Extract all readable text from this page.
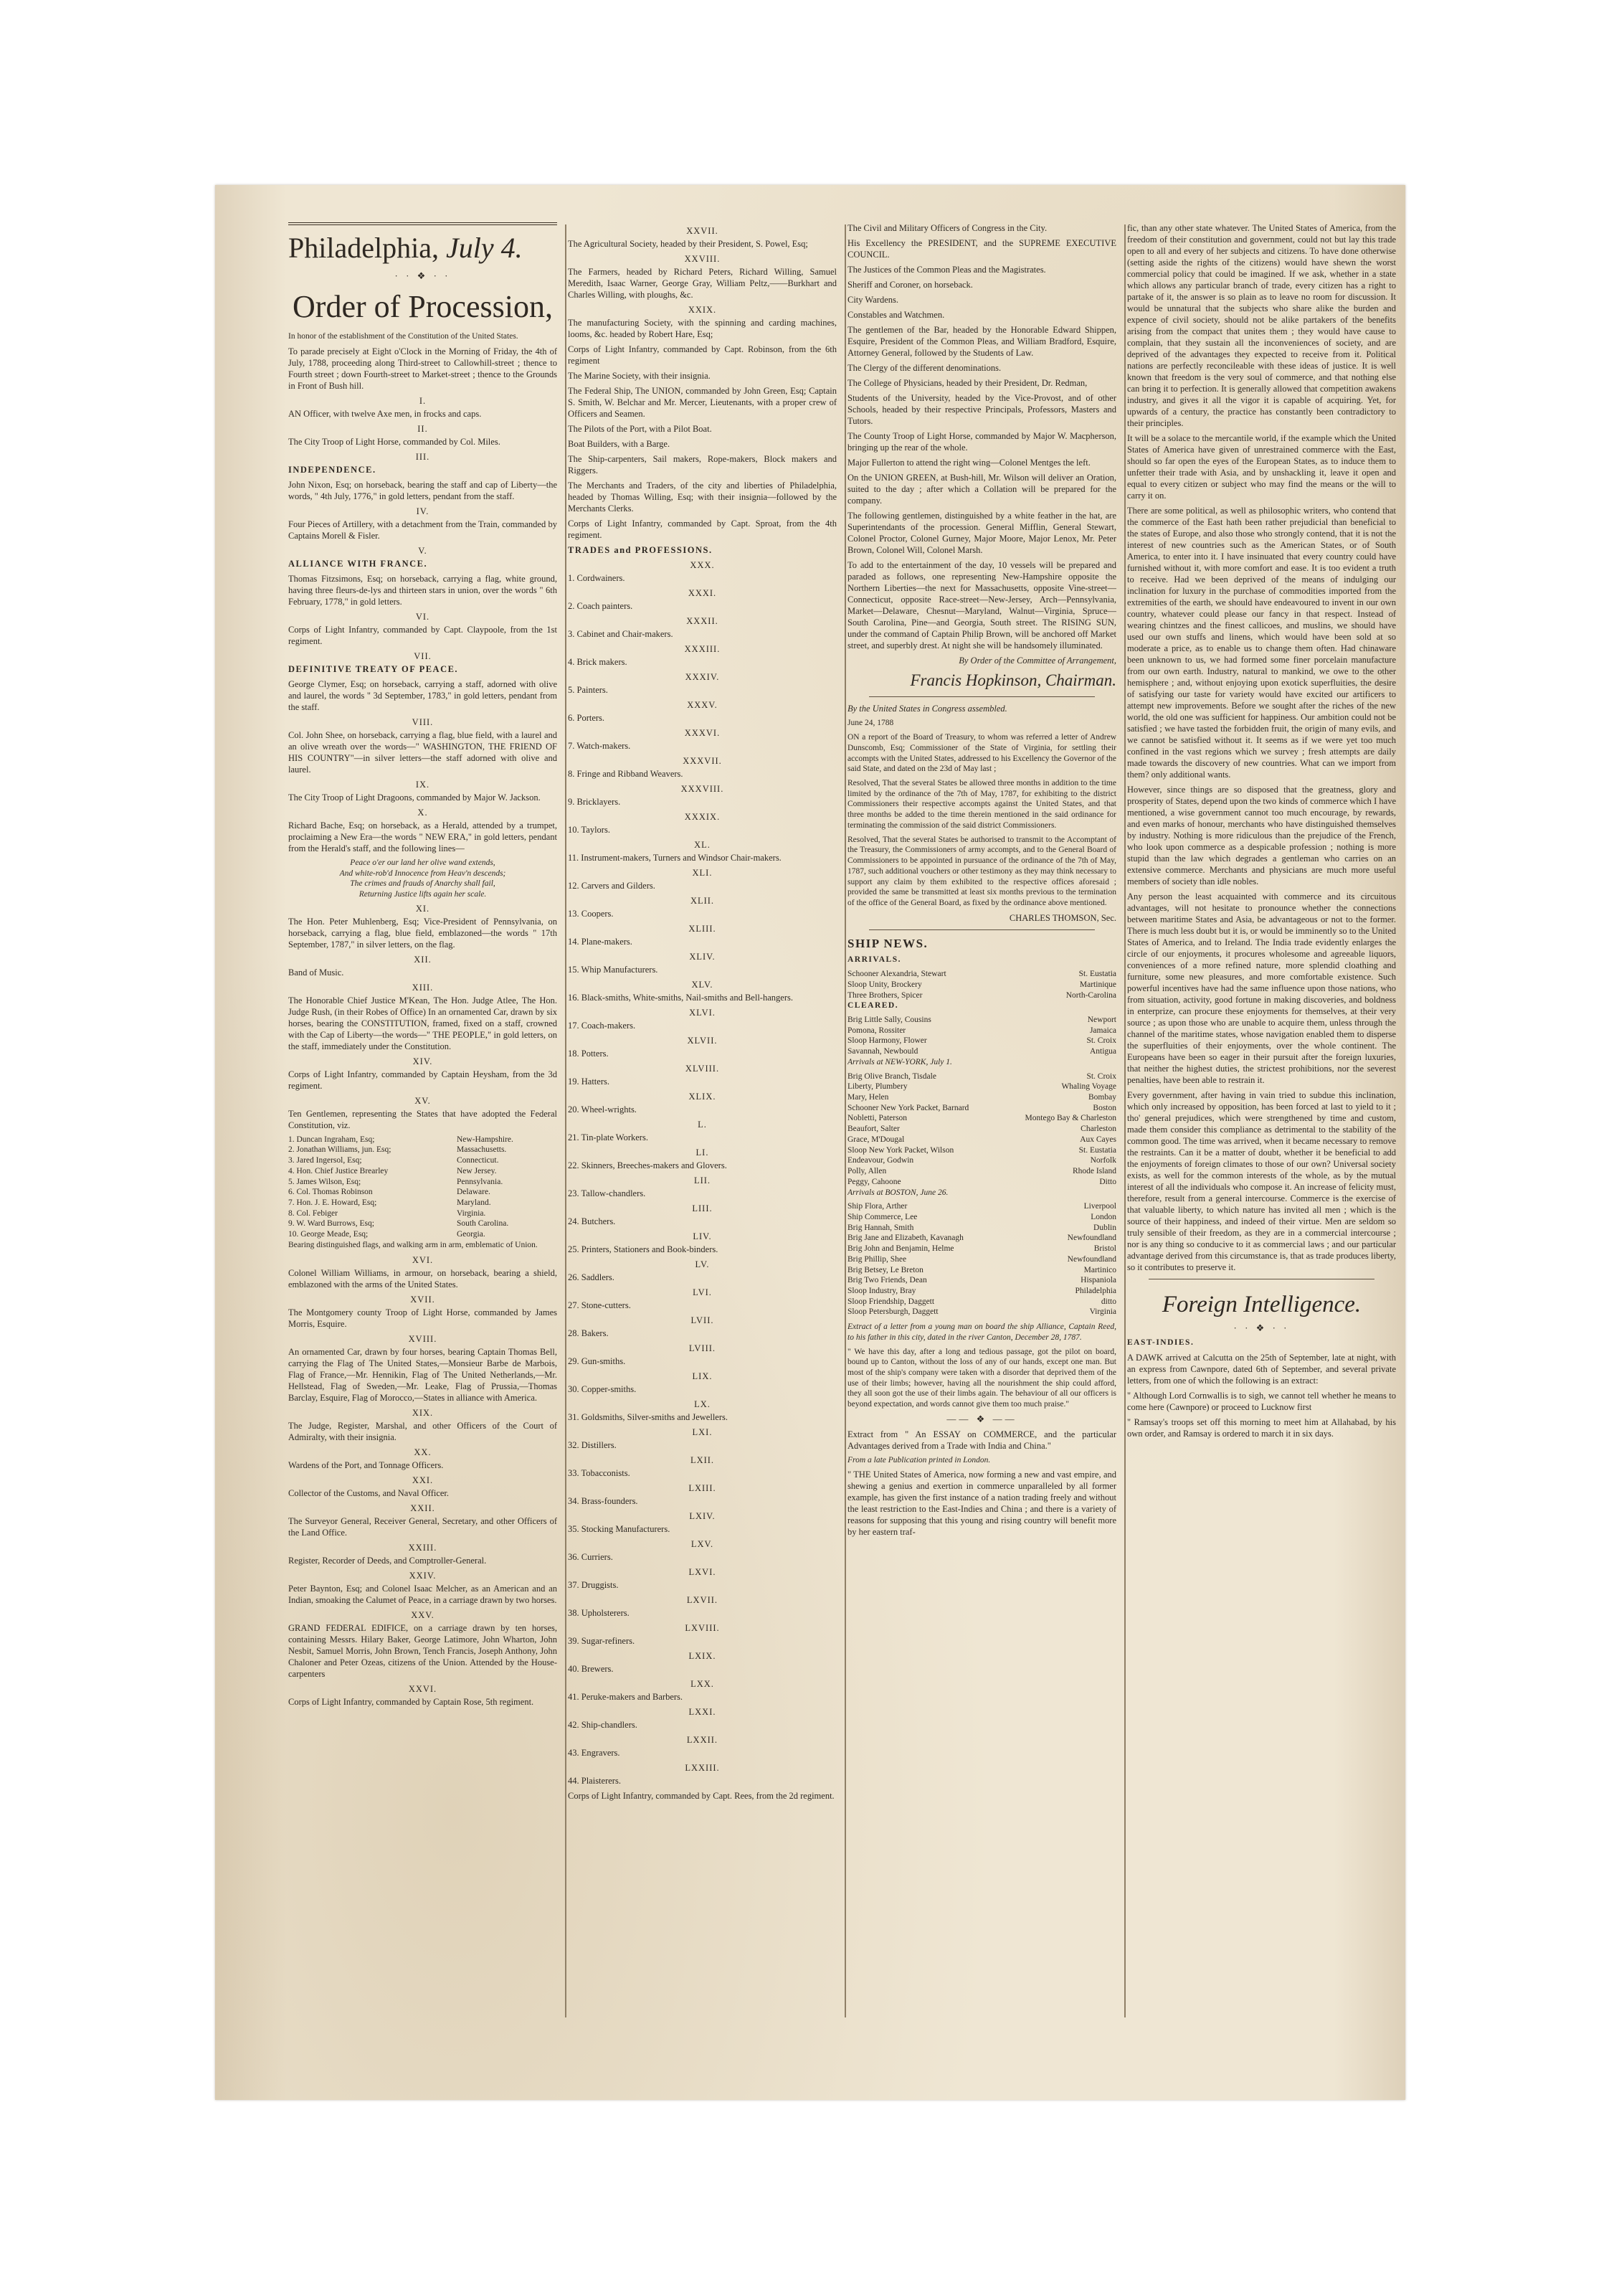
Philadelphia, July 4.
· · ❖ · ·
Order of Procession,

In honor of the establishment of the Constitution of the United States.

To parade precisely at Eight o'Clock in the Morning of Friday, the 4th of July, 1788, proceeding along Third-street to Callowhill-street ; thence to Fourth street ; down Fourth-street to Market-street ; thence to the Grounds in Front of Bush hill.

I.

AN Officer, with twelve Axe men, in frocks and caps.

II.

The City Troop of Light Horse, commanded by Col. Miles.

III.

INDEPENDENCE.

John Nixon, Esq; on horseback, bearing the staff and cap of Liberty—the words, " 4th July, 1776," in gold letters, pendant from the staff.

IV.

Four Pieces of Artillery, with a detachment from the Train, commanded by Captains Morell & Fisler.

V.

ALLIANCE WITH FRANCE.

Thomas Fitzsimons, Esq; on horseback, carrying a flag, white ground, having three fleurs-de-lys and thirteen stars in union, over the words " 6th February, 1778," in gold letters.

VI.

Corps of Light Infantry, commanded by Capt. Claypoole, from the 1st regiment.

VII.

DEFINITIVE TREATY OF PEACE.

George Clymer, Esq; on horseback, carrying a staff, adorned with olive and laurel, the words " 3d September, 1783," in gold letters, pendant from the staff.

VIII.

Col. John Shee, on horseback, carrying a flag, blue field, with a laurel and an olive wreath over the words—" WASHINGTON, THE FRIEND OF HIS COUNTRY"—in silver letters—the staff adorned with olive and laurel.

IX.

The City Troop of Light Dragoons, commanded by Major W. Jackson.

X.

Richard Bache, Esq; on horseback, as a Herald, attended by a trumpet, proclaiming a New Era—the words " NEW ERA," in gold letters, pendant from the Herald's staff, and the following lines—

Peace o'er our land her olive wand extends,
And white-rob'd Innocence from Heav'n descends;
The crimes and frauds of Anarchy shall fail,
Returning Justice lifts again her scale.
XI.

The Hon. Peter Muhlenberg, Esq; Vice-President of Pennsylvania, on horseback, carrying a flag, blue field, emblazoned—the words " 17th September, 1787," in silver letters, on the flag.

XII.

Band of Music.

XIII.

The Honorable Chief Justice M'Kean, The Hon. Judge Atlee, The Hon. Judge Rush, (in their Robes of Office) In an ornamented Car, drawn by six horses, bearing the CONSTITUTION, framed, fixed on a staff, crowned with the Cap of Liberty—the words—" THE PEOPLE," in gold letters, on the staff, immediately under the Constitution.

XIV.

Corps of Light Infantry, commanded by Captain Heysham, from the 3d regiment.

XV.

Ten Gentlemen, representing the States that have adopted the Federal Constitution, viz.

1. Duncan Ingraham, Esq;	New-Hampshire.
2. Jonathan Williams, jun. Esq;	Massachusetts.
3. Jared Ingersol, Esq;	Connecticut.
4. Hon. Chief Justice Brearley	New Jersey.
5. James Wilson, Esq;	Pennsylvania.
6. Col. Thomas Robinson	Delaware.
7. Hon. J. E. Howard, Esq;	Maryland.
8. Col. Febiger	Virginia.
9. W. Ward Burrows, Esq;	South Carolina.
10. George Meade, Esq;	Georgia.

Bearing distinguished flags, and walking arm in arm, emblematic of Union.

XVI.

Colonel William Williams, in armour, on horseback, bearing a shield, emblazoned with the arms of the United States.

XVII.

The Montgomery county Troop of Light Horse, commanded by James Morris, Esquire.

XVIII.

An ornamented Car, drawn by four horses, bearing Captain Thomas Bell, carrying the Flag of The United States,—Monsieur Barbe de Marbois, Flag of France,—Mr. Hennikin, Flag of The United Netherlands,—Mr. Hellstead, Flag of Sweden,—Mr. Leake, Flag of Prussia,—Thomas Barclay, Esquire, Flag of Morocco,—States in alliance with America.

XIX.

The Judge, Register, Marshal, and other Officers of the Court of Admiralty, with their insignia.

XX.

Wardens of the Port, and Tonnage Officers.

XXI.

Collector of the Customs, and Naval Officer.

XXII.

The Surveyor General, Receiver General, Secretary, and other Officers of the Land Office.

XXIII.

Register, Recorder of Deeds, and Comptroller-General.

XXIV.

Peter Baynton, Esq; and Colonel Isaac Melcher, as an American and an Indian, smoaking the Calumet of Peace, in a carriage drawn by two horses.

XXV.

GRAND FEDERAL EDIFICE, on a carriage drawn by ten horses, containing Messrs. Hilary Baker, George Latimore, John Wharton, John Nesbit, Samuel Morris, John Brown, Tench Francis, Joseph Anthony, John Chaloner and Peter Ozeas, citizens of the Union. Attended by the House-carpenters

XXVI.

Corps of Light Infantry, commanded by Captain Rose, 5th regiment.

XXVII.

The Agricultural Society, headed by their President, S. Powel, Esq;

XXVIII.

The Farmers, headed by Richard Peters, Richard Willing, Samuel Meredith, Isaac Warner, George Gray, William Peltz,——Burkhart and Charles Willing, with ploughs, &c.

XXIX.

The manufacturing Society, with the spinning and carding machines, looms, &c. headed by Robert Hare, Esq;

Corps of Light Infantry, commanded by Capt. Robinson, from the 6th regiment

The Marine Society, with their insignia.

The Federal Ship, The UNION, commanded by John Green, Esq; Captain S. Smith, W. Belchar and Mr. Mercer, Lieutenants, with a proper crew of Officers and Seamen.

The Pilots of the Port, with a Pilot Boat.

Boat Builders, with a Barge.

The Ship-carpenters, Sail makers, Rope-makers, Block makers and Riggers.

The Merchants and Traders, of the city and liberties of Philadelphia, headed by Thomas Willing, Esq; with their insignia—followed by the Merchants Clerks.

Corps of Light Infantry, commanded by Capt. Sproat, from the 4th regiment.

TRADES and PROFESSIONS.

XXX.

1. Cordwainers.

XXXI.

2. Coach painters.

XXXII.

3. Cabinet and Chair-makers.

XXXIII.

4. Brick makers.

XXXIV.

5. Painters.

XXXV.

6. Porters.

XXXVI.

7. Watch-makers.

XXXVII.

8. Fringe and Ribband Weavers.

XXXVIII.

9. Bricklayers.

XXXIX.

10. Taylors.

XL.

11. Instrument-makers, Turners and Windsor Chair-makers.

XLI.

12. Carvers and Gilders.

XLII.

13. Coopers.

XLIII.

14. Plane-makers.

XLIV.

15. Whip Manufacturers.

XLV.

16. Black-smiths, White-smiths, Nail-smiths and Bell-hangers.

XLVI.

17. Coach-makers.

XLVII.

18. Potters.

XLVIII.

19. Hatters.

XLIX.

20. Wheel-wrights.

L.

21. Tin-plate Workers.

LI.

22. Skinners, Breeches-makers and Glovers.

LII.

23. Tallow-chandlers.

LIII.

24. Butchers.

LIV.

25. Printers, Stationers and Book-binders.

LV.

26. Saddlers.

LVI.

27. Stone-cutters.

LVII.

28. Bakers.

LVIII.

29. Gun-smiths.

LIX.

30. Copper-smiths.

LX.

31. Goldsmiths, Silver-smiths and Jewellers.

LXI.

32. Distillers.

LXII.

33. Tobacconists.

LXIII.

34. Brass-founders.

LXIV.

35. Stocking Manufacturers.

LXV.

36. Curriers.

LXVI.

37. Druggists.

LXVII.

38. Upholsterers.

LXVIII.

39. Sugar-refiners.

LXIX.

40. Brewers.

LXX.

41. Peruke-makers and Barbers.

LXXI.

42. Ship-chandlers.

LXXII.

43. Engravers.

LXXIII.

44. Plaisterers.

Corps of Light Infantry, commanded by Capt. Rees, from the 2d regiment.

The Civil and Military Officers of Congress in the City.

His Excellency the PRESIDENT, and the SUPREME EXECUTIVE COUNCIL.

The Justices of the Common Pleas and the Magistrates.

Sheriff and Coroner, on horseback.

City Wardens.

Constables and Watchmen.

The gentlemen of the Bar, headed by the Honorable Edward Shippen, Esquire, President of the Common Pleas, and William Bradford, Esquire, Attorney General, followed by the Students of Law.

The Clergy of the different denominations.

The College of Physicians, headed by their President, Dr. Redman,

Students of the University, headed by the Vice-Provost, and of other Schools, headed by their respective Principals, Professors, Masters and Tutors.

The County Troop of Light Horse, commanded by Major W. Macpherson, bringing up the rear of the whole.

Major Fullerton to attend the right wing—Colonel Mentges the left.

On the UNION GREEN, at Bush-hill, Mr. Wilson will deliver an Oration, suited to the day ; after which a Collation will be prepared for the company.

The following gentlemen, distinguished by a white feather in the hat, are Superintendants of the procession. General Mifflin, General Stewart, Colonel Proctor, Colonel Gurney, Major Moore, Major Lenox, Mr. Peter Brown, Colonel Will, Colonel Marsh.

To add to the entertainment of the day, 10 vessels will be prepared and paraded as follows, one representing New-Hampshire opposite the Northern Liberties—the next for Massachusetts, opposite Vine-street—Connecticut, opposite Race-street—New-Jersey, Arch—Pennsylvania, Market—Delaware, Chesnut—Maryland, Walnut—Virginia, Spruce—South Carolina, Pine—and Georgia, South street. The RISING SUN, under the command of Captain Philip Brown, will be anchored off Market street, and superbly drest. At night she will be handsomely illuminated.

By Order of the Committee of Arrangement,

Francis Hopkinson, Chairman.

By the United States in Congress assembled.

June 24, 1788

ON a report of the Board of Treasury, to whom was referred a letter of Andrew Dunscomb, Esq; Commissioner of the State of Virginia, for settling their accompts with the United States, addressed to his Excellency the Governor of the said State, and dated on the 23d of May last ;

Resolved, That the several States be allowed three months in addition to the time limited by the ordinance of the 7th of May, 1787, for exhibiting to the district Commissioners their respective accompts against the United States, and that three months be added to the time therein mentioned in the said ordinance for terminating the commission of the said district Commissioners.

Resolved, That the several States be authorised to transmit to the Accomptant of the Treasury, the Commissioners of army accompts, and to the General Board of Commissioners to be appointed in pursuance of the ordinance of the 7th of May, 1787, such additional vouchers or other testimony as they may think necessary to support any claim by them exhibited to the respective offices aforesaid ; provided the same be transmitted at least six months previous to the termination of the office of the General Board, as fixed by the ordinance above mentioned.

CHARLES THOMSON, Sec.

SHIP NEWS.

ARRIVALS.

Schooner Alexandria, Stewart	St. Eustatia
Sloop Unity, Brockery	Martinique
Three Brothers, Spicer	North-Carolina

CLEARED.

Brig Little Sally, Cousins	Newport
Pomona, Rossiter	Jamaica
Sloop Harmony, Flower	St. Croix
Savannah, Newbould	Antigua

Arrivals at NEW-YORK, July 1.

Brig Olive Branch, Tisdale	St. Croix
Liberty, Plumbery	Whaling Voyage
Mary, Helen	Bombay
Schooner New York Packet, Barnard	Boston
Nobletti, Paterson	Montego Bay & Charleston
Beaufort, Salter	Charleston
Grace, M'Dougal	Aux Cayes
Sloop New York Packet, Wilson	St. Eustatia
Endeavour, Godwin	Norfolk
Polly, Allen	Rhode Island
Peggy, Cahoone	Ditto

Arrivals at BOSTON, June 26.

Ship Flora, Arther	Liverpool
Ship Commerce, Lee	London
Brig Hannah, Smith	Dublin
Brig Jane and Elizabeth, Kavanagh	Newfoundland
Brig John and Benjamin, Helme	Bristol
Brig Phillip, Shee	Newfoundland
Brig Betsey, Le Breton	Martinico
Brig Two Friends, Dean	Hispaniola
Sloop Industry, Bray	Philadelphia
Sloop Friendship, Daggett	ditto
Sloop Petersburgh, Daggett	Virginia

Extract of a letter from a young man on board the ship Alliance, Captain Reed, to his father in this city, dated in the river Canton, December 28, 1787.

" We have this day, after a long and tedious passage, got the pilot on board, bound up to Canton, without the loss of any of our hands, except one man. But most of the ship's company were taken with a disorder that deprived them of the use of their limbs; however, having all the nourishment the ship could afford, they all soon got the use of their limbs again. The behaviour of all our officers is beyond expectation, and words cannot give them too much praise."

—— ❖ ——

Extract from " An ESSAY on COMMERCE, and the particular Advantages derived from a Trade with India and China."

From a late Publication printed in London.

" THE United States of America, now forming a new and vast empire, and shewing a genius and exertion in commerce unparalleled by all former example, has given the first instance of a nation trading freely and without the least restriction to the East-Indies and China ; and there is a variety of reasons for supposing that this young and rising country will benefit more by her eastern traf-

fic, than any other state whatever. The United States of America, from the freedom of their constitution and government, could not but lay this trade open to all and every of her subjects and citizens. To have done otherwise (setting aside the rights of the citizens) would have shewn the worst commercial policy that could be imagined. If we ask, whether in a state which allows any particular branch of trade, every citizen has a right to partake of it, the answer is so plain as to leave no room for discussion. It would be unnatural that the subjects who share alike the burden and expence of civil society, should not be alike partakers of the benefits arising from the compact that unites them ; they would have cause to complain, that they sustain all the inconveniences of society, and are deprived of the advantages they expected to receive from it. Political nations are perfectly reconcileable with these ideas of justice. It is well known that freedom is the very soul of commerce, and that nothing else can bring it to perfection. It is generally allowed that competition awakens industry, and gives it all the vigor it is capable of acquiring. Yet, for upwards of a century, the practice has constantly been contradictory to their principles.

It will be a solace to the mercantile world, if the example which the United States of America have given of unrestrained commerce with the East, should so far open the eyes of the European States, as to induce them to unfetter their trade with Asia, and by unshackling it, leave it open and equal to every citizen or subject who may find the means or the will to carry it on.

There are some political, as well as philosophic writers, who contend that the commerce of the East hath been rather prejudicial than beneficial to the states of Europe, and also those who strongly contend, that it is not the interest of new countries such as the American States, or of South America, to enter into it. I have insinuated that every country could have furnished without it, with more comfort and ease. It is too evident a truth to receive. Had we been deprived of the means of indulging our inclination for luxury in the purchase of commodities imported from the extremities of the earth, we should have endeavoured to invent in our own country, whatever could please our fancy in that respect. Instead of wearing chintzes and the finest callicoes, and muslins, we should have used our own stuffs and linens, which would have been sold at so moderate a price, as to enable us to change them often. Had chinaware been unknown to us, we had formed some finer porcelain manufacture from our own earth. Industry, natural to mankind, we owe to the other hemisphere ; and, without enjoying upon exotick superfluities, the desire of satisfying our taste for variety would have excited our artificers to attempt new improvements. Before we sought after the riches of the new world, the old one was sufficient for happiness. Our ambition could not be satisfied ; we have tasted the forbidden fruit, the origin of many evils, and we cannot be satisfied without it. It seems as if we were yet too much confined in the vast regions which we survey ; fresh attempts are daily made towards the discovery of new countries. What can we import from them? only additional wants.

However, since things are so disposed that the greatness, glory and prosperity of States, depend upon the two kinds of commerce which I have mentioned, a wise government cannot too much encourage, by rewards, and even marks of honour, merchants who have distinguished themselves by industry. Nothing is more ridiculous than the prejudice of the French, who look upon commerce as a despicable profession ; nothing is more stupid than the law which degrades a gentleman who carries on an extensive commerce. Merchants and physicians are much more useful members of society than idle nobles.

Any person the least acquainted with commerce and its circuitous advantages, will not hesitate to pronounce whether the connections between maritime States and Asia, be advantageous or not to the former. There is much less doubt but it is, or would be imminently so to the United States of America, and to Ireland. The India trade evidently enlarges the circle of our enjoyments, it procures wholesome and agreeable liquors, conveniences of a more refined nature, more splendid cloathing and furniture, some new pleasures, and more comfortable existence. Such powerful incentives have had the same influence upon those nations, who from situation, activity, good fortune in making discoveries, and boldness in enterprize, can procure these enjoyments for themselves, at their very source ; as upon those who are unable to acquire them, unless through the channel of the maritime states, whose navigation enabled them to disperse the superfluities of their enjoyments, over the whole continent. The Europeans have been so eager in their pursuit after the foreign luxuries, that neither the highest duties, the strictest prohibitions, nor the severest penalties, have been able to restrain it.

Every government, after having in vain tried to subdue this inclination, which only increased by opposition, has been forced at last to yield to it ; tho' general prejudices, which were strengthened by time and custom, made them consider this compliance as detrimental to the stability of the common good. The time was arrived, when it became necessary to remove the restraints. Can it be a matter of doubt, whether it be beneficial to add the enjoyments of foreign climates to those of our own? Universal society exists, as well for the common interests of the whole, as by the mutual interest of all the individuals who compose it. An increase of felicity must, therefore, result from a general intercourse. Commerce is the exercise of that valuable liberty, to which nature has invited all men ; which is the source of their happiness, and indeed of their virtue. Men are seldom so truly sensible of their freedom, as they are in a commercial intercourse ; nor is any thing so conducive to it as commercial laws ; and our particular advantage derived from this circumstance is, that as trade produces liberty, so it contributes to preserve it.

Foreign Intelligence.
· · ❖ · ·

EAST-INDIES.

A DAWK arrived at Calcutta on the 25th of September, late at night, with an express from Cawnpore, dated 6th of September, and several private letters, from one of which the following is an extract:

" Although Lord Cornwallis is to sigh, we cannot tell whether he means to come here (Cawnpore) or proceed to Lucknow first

" Ramsay's troops set off this morning to meet him at Allahabad, by his own order, and Ramsay is ordered to march it in six days.
